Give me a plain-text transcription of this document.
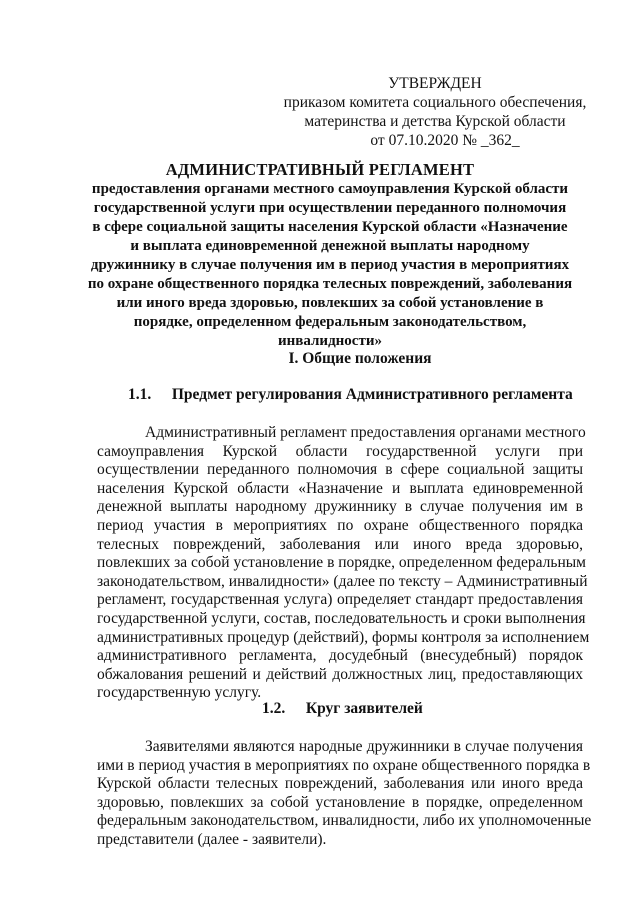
УТВЕРЖДЕН
приказом комитета социального обеспечения,
материнства и детства Курской области
от 07.10.2020 № _362_
АДМИНИСТРАТИВНЫЙ РЕГЛАМЕНТ
предоставления органами местного самоуправления Курской области
государственной услуги при осуществлении переданного полномочия
в сфере социальной защиты населения Курской области «Назначение
и выплата единовременной денежной выплаты народному
дружиннику в случае получения им в период участия в мероприятиях
по охране общественного порядка телесных повреждений, заболевания
или иного вреда здоровью, повлекших за собой установление в
порядке, определенном федеральным законодательством,
инвалидности»
I. Общие положения
1.1. Предмет регулирования Административного регламента
Административный регламент предоставления органами местного
самоуправления Курской области государственной услуги при
осуществлении переданного полномочия в сфере социальной защиты
населения Курской области «Назначение и выплата единовременной
денежной выплаты народному дружиннику в случае получения им в
период участия в мероприятиях по охране общественного порядка
телесных повреждений, заболевания или иного вреда здоровью,
повлекших за собой установление в порядке, определенном федеральным
законодательством, инвалидности» (далее по тексту – Административный
регламент, государственная услуга) определяет стандарт предоставления
государственной услуги, состав, последовательность и сроки выполнения
административных процедур (действий), формы контроля за исполнением
административного регламента, досудебный (внесудебный) порядок
обжалования решений и действий должностных лиц, предоставляющих
государственную услугу.
1.2. Круг заявителей
Заявителями являются народные дружинники в случае получения
ими в период участия в мероприятиях по охране общественного порядка в
Курской области телесных повреждений, заболевания или иного вреда
здоровью, повлекших за собой установление в порядке, определенном
федеральным законодательством, инвалидности, либо их уполномоченные
представители (далее - заявители).
